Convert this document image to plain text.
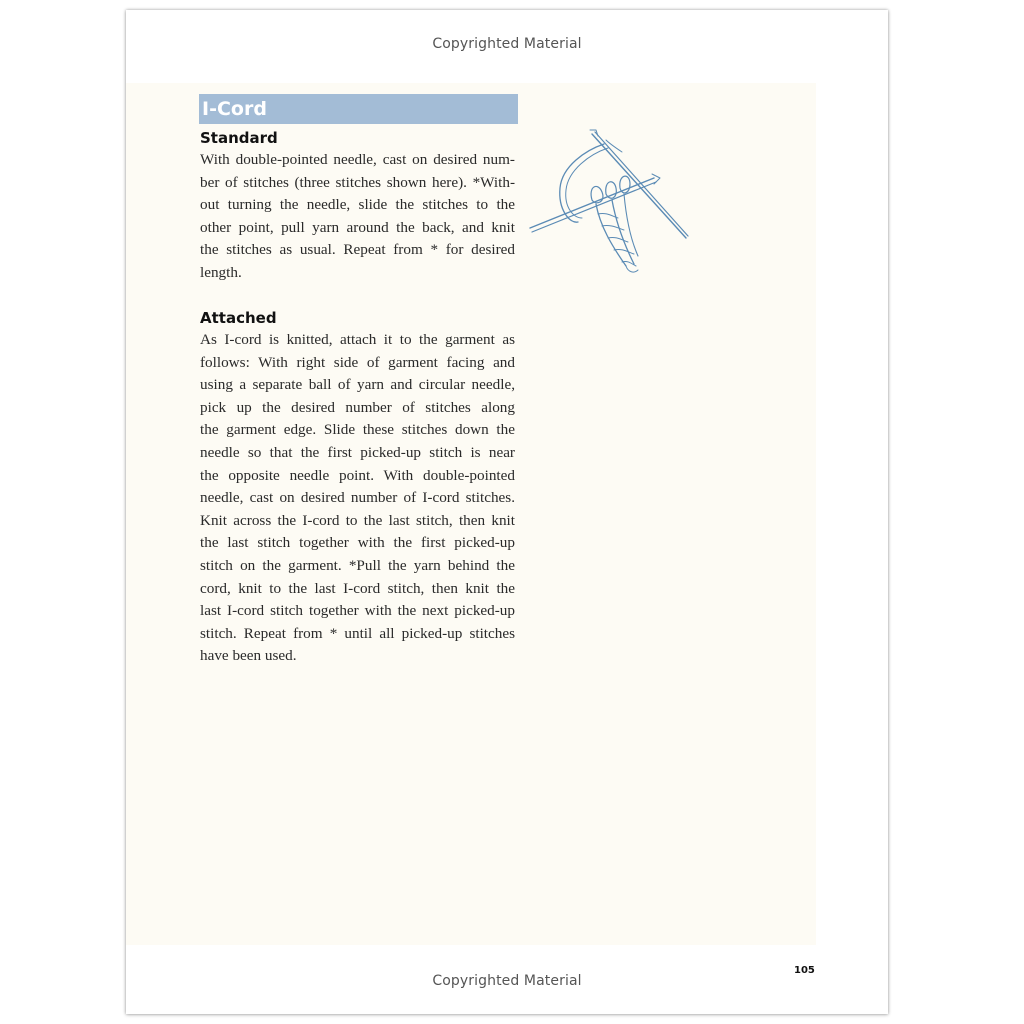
Copyrighted Material
I-Cord
Standard
With double-pointed needle, cast on desired num-
ber of stitches (three stitches shown here). *With-
out turning the needle, slide the stitches to the
other point, pull yarn around the back, and knit
the stitches as usual. Repeat from * for desired
length.
Attached
As I-cord is knitted, attach it to the garment as
follows: With right side of garment facing and
using a separate ball of yarn and circular needle,
pick up the desired number of stitches along
the garment edge. Slide these stitches down the
needle so that the first picked-up stitch is near
the opposite needle point. With double-pointed
needle, cast on desired number of I-cord stitches.
Knit across the I-cord to the last stitch, then knit
the last stitch together with the first picked-up
stitch on the garment. *Pull the yarn behind the
cord, knit to the last I-cord stitch, then knit the
last I-cord stitch together with the next picked-up
stitch. Repeat from * until all picked-up stitches
have been used.
105
Copyrighted Material
